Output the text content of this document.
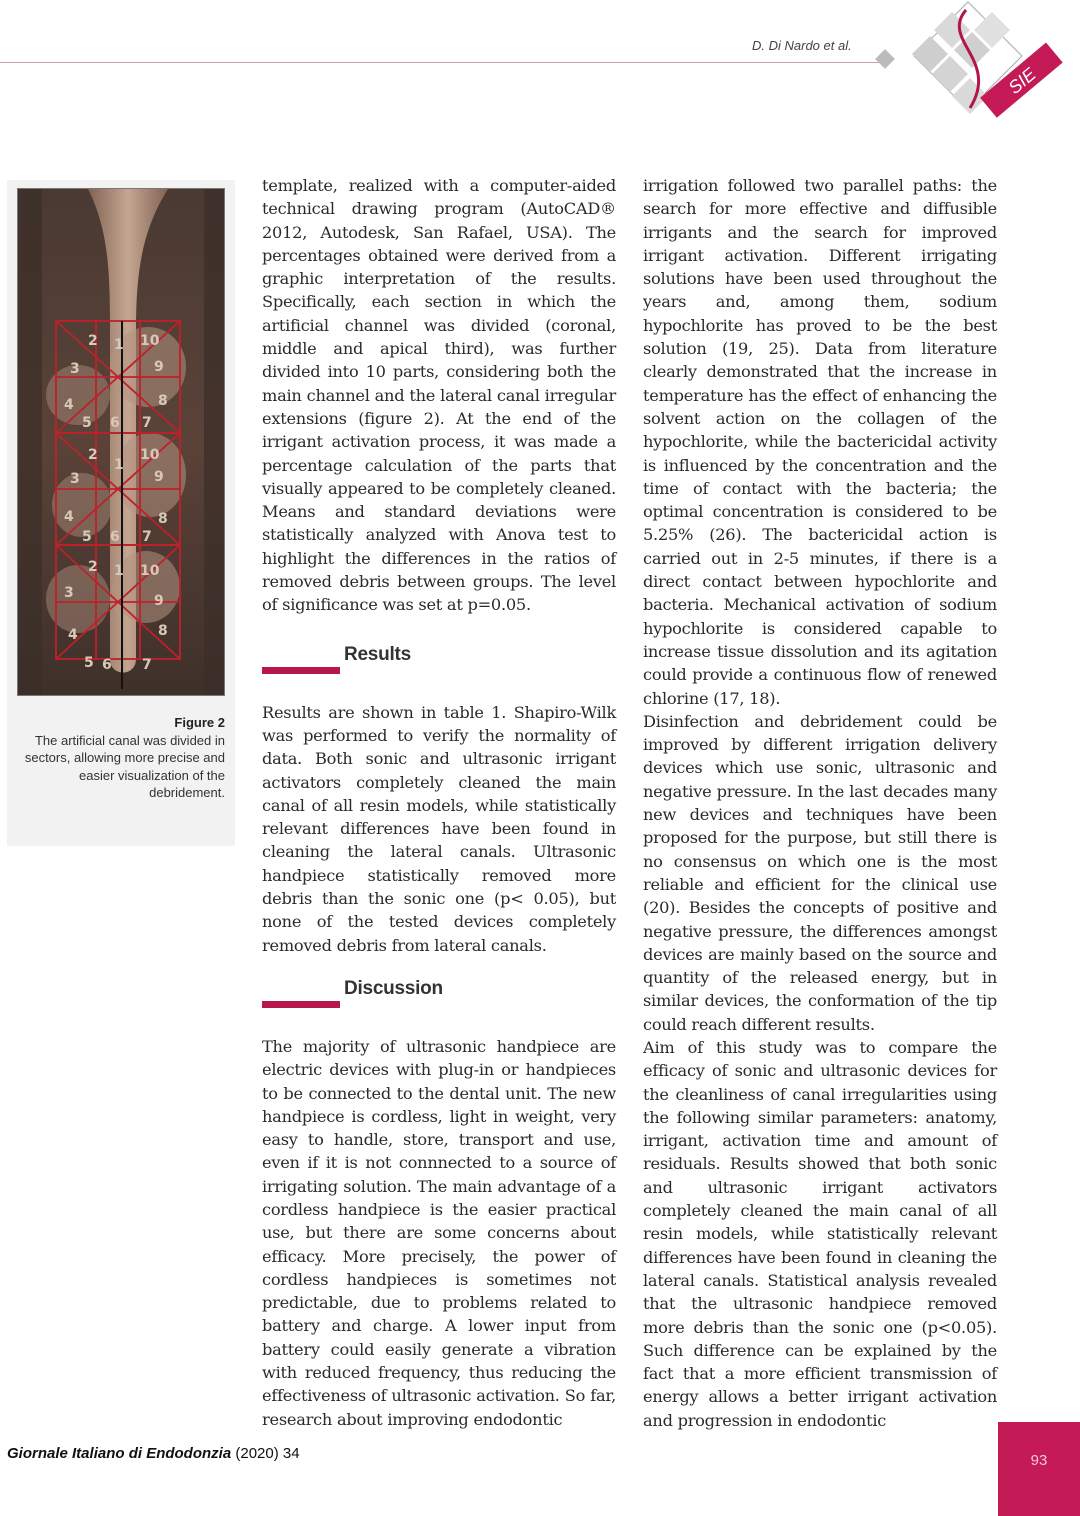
D. Di Nardo et al.
SIE
2 1 10
3	9
4	8
5 6 7
2
1
10
3	9
4	8
5 6 7
2 1 10
3	9
4	8
5 6 7
Figure 2
The artificial canal was divided in sectors, allowing more precise and easier visualization of the debridement.

template, realized with a computer-aided technical drawing program (AutoCAD® 2012, Autodesk, San Rafael, USA). The percentages obtained were derived from a graphic interpretation of the results. Specifically, each section in which the artificial channel was divided (coronal, middle and apical third), was further divided into 10 parts, considering both the main channel and the lateral canal irregular extensions (figure 2). At the end of the irrigant activation process, it was made a percentage calculation of the parts that visually appeared to be completely cleaned. Means and standard deviations were statistically analyzed with Anova test to highlight the differences in the ratios of removed debris between groups. The level of significance was set at p=0.05.

Results

Results are shown in table 1. Shapiro-Wilk was performed to verify the normality of data. Both sonic and ultrasonic irrigant activators completely cleaned the main canal of all resin models, while statistically relevant differences have been found in cleaning the lateral canals. Ultrasonic handpiece statistically removed more debris than the sonic one (p< 0.05), but none of the tested devices completely removed debris from lateral canals.

Discussion

The majority of ultrasonic handpiece are electric devices with plug-in or handpieces to be connected to the dental unit. The new handpiece is cordless, light in weight, very easy to handle, store, transport and use, even if it is not connnected to a source of irrigating solution. The main advantage of a cordless handpiece is the easier practical use, but there are some concerns about efficacy. More precisely, the power of cordless handpieces is sometimes not predictable, due to problems related to battery and charge. A lower input from battery could easily generate a vibration with reduced frequency, thus reducing the effectiveness of ultrasonic activation. So far, research about improving endodontic

irrigation followed two parallel paths: the search for more effective and diffusible irrigants and the search for improved irrigant activation. Different irrigating solutions have been used throughout the years and, among them, sodium hypochlorite has proved to be the best solution (19, 25). Data from literature clearly demonstrated that the increase in temperature has the effect of enhancing the solvent action on the collagen of the hypochlorite, while the bactericidal activity is influenced by the concentration and the time of contact with the bacteria; the optimal concentration is considered to be 5.25% (26). The bactericidal action is carried out in 2-5 minutes, if there is a direct contact between hypochlorite and bacteria. Mechanical activation of sodium hypochlorite is considered capable to increase tissue dissolution and its agitation could provide a continuous flow of renewed chlorine (17, 18).

Disinfection and debridement could be improved by different irrigation delivery devices which use sonic, ultrasonic and negative pressure. In the last decades many new devices and techniques have been proposed for the purpose, but still there is no consensus on which one is the most reliable and efficient for the clinical use (20). Besides the concepts of positive and negative pressure, the differences amongst devices are mainly based on the source and quantity of the released energy, but in similar devices, the conformation of the tip could reach different results.

Aim of this study was to compare the efficacy of sonic and ultrasonic devices for the cleanliness of canal irregularities using the following similar parameters: anatomy, irrigant, activation time and amount of residuals. Results showed that both sonic and ultrasonic irrigant activators completely cleaned the main canal of all resin models, while statistically relevant differences have been found in cleaning the lateral canals. Statistical analysis revealed that the ultrasonic handpiece removed more debris than the sonic one (p<0.05). Such difference can be explained by the fact that a more efficient transmission of energy allows a better irrigant activation and progression in endodontic

Giornale Italiano di Endodonzia (2020) 34	93
